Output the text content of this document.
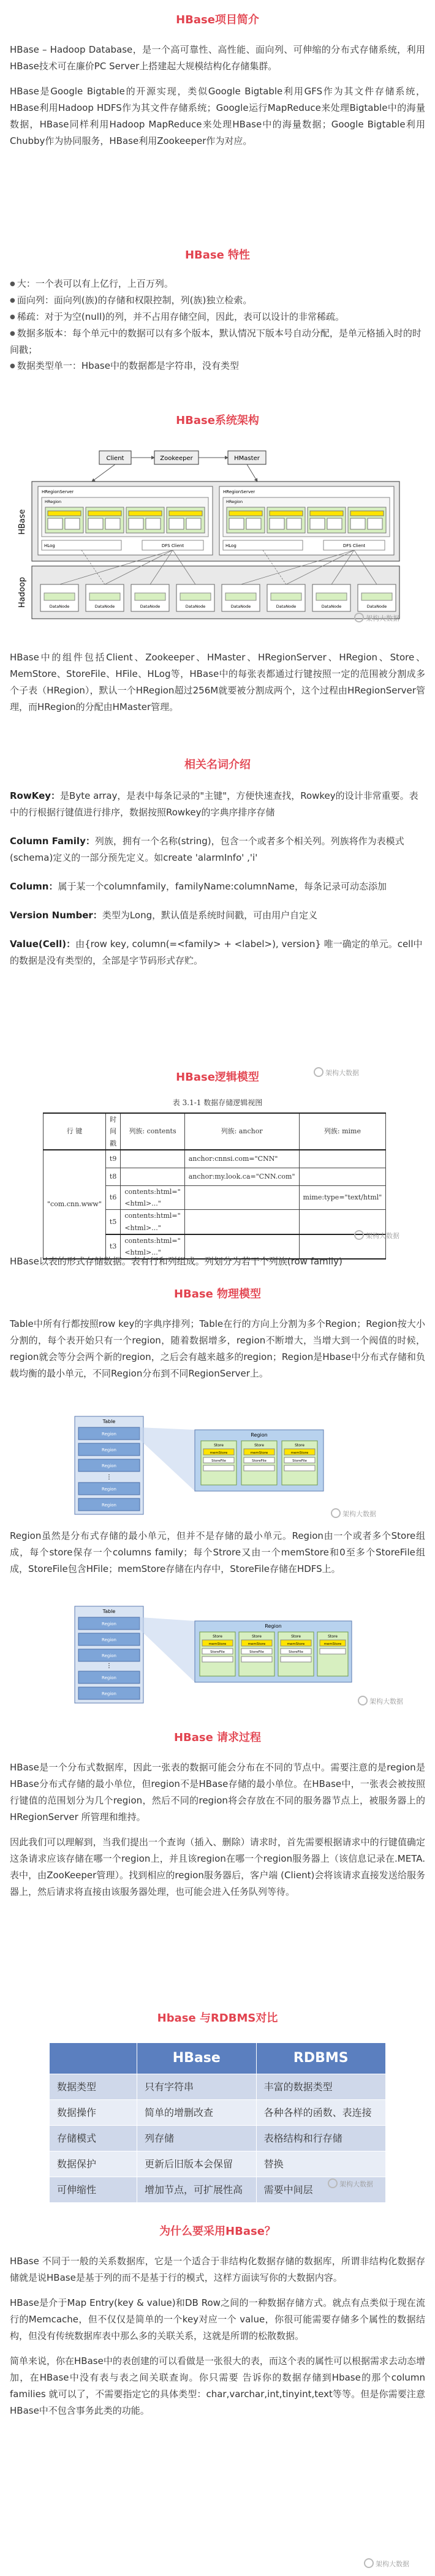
HBase项目简介

HBase – Hadoop Database，是一个高可靠性、高性能、面向列、可伸缩的分布式存储系统，利用HBase技术可在廉价PC Server上搭建起大规模结构化存储集群。

HBase是Google Bigtable的开源实现，类似Google Bigtable利用GFS作为其文件存储系统，HBase利用Hadoop HDFS作为其文件存储系统；Google运行MapReduce来处理Bigtable中的海量数据，HBase同样利用Hadoop MapReduce来处理HBase中的海量数据；Google Bigtable利用 Chubby作为协同服务，HBase利用Zookeeper作为对应。

HBase 特性
● 大：一个表可以有上亿行，上百万列。
● 面向列：面向列(族)的存储和权限控制，列(族)独立检索。
● 稀疏：对于为空(null)的列，并不占用存储空间，因此，表可以设计的非常稀疏。
● 数据多版本：每个单元中的数据可以有多个版本，默认情况下版本号自动分配，是单元格插入时的时间戳；
● 数据类型单一：Hbase中的数据都是字符串，没有类型
HBase系统架构
Client	Zookeeper	HMaster
HBase
HRegionServer
HRegion
HLog	DFS Client
HRegionServer
HRegion
HLog	DFS Client
Hadoop	DataNode	DataNode	DataNode	DataNode	DataNode	DataNode	DataNode	DataNode
架构大数据

HBase中的组件包括Client、Zookeeper、HMaster、HRegionServer、HRegion、Store、MemStore、StoreFile、HFile、HLog等，HBase中的每张表都通过行键按照一定的范围被分割成多个子表（HRegion），默认一个HRegion超过256M就要被分割成两个，这个过程由HRegionServer管理，而HRegion的分配由HMaster管理。

相关名词介绍

RowKey：是Byte array，是表中每条记录的"主键"，方便快速查找，Rowkey的设计非常重要。表中的行根据行键值进行排序，数据按照Rowkey的字典序排序存储

Column Family：列族，拥有一个名称(string)，包含一个或者多个相关列。列族将作为表模式(schema)定义的一部分预先定义。如create 'alarmInfo' ,'i'

Column：属于某一个columnfamily，familyName:columnName，每条记录可动态添加

Version Number：类型为Long，默认值是系统时间戳，可由用户自定义

Value(Cell)：由{row key, column(=<family> + <label>), version} 唯一确定的单元。cell中的数据是没有类型的，全部是字节码形式存贮。

HBase逻辑模型
表 3.1-1 数据存储逻辑视图
行 键	时间戳	列族: contents	列族: anchor	列族: mime
"com.cnn.www"	t9		anchor:cnnsi.com="CNN"	
	t8		anchor:my.look.ca="CNN.com"	
	t6	contents:html="<html>..."		mime:type="text/html"
	t5	contents:html="<html>..."		
	t3	contents:html="<html>..."		
架构大数据
架构大数据

HBase以表的形式存储数据。表有行和列组成。列划分为若干个列族(row family)

HBase 物理模型

Table中所有行都按照row key的字典序排列；Table在行的方向上分割为多个Region；Region按大小分割的，每个表开始只有一个region，随着数据增多，region不断增大，当增大到一个阀值的时候，region就会等分会两个新的region，之后会有越来越多的region；Region是Hbase中分布式存储和负载均衡的最小单元，不同Region分布到不同RegionServer上。

Table
Region
Region
Region
Region
Region
⋮
Region
Store	Store	Store
memStore	memStore	memStore
StoreFile	StoreFile	StoreFile
架构大数据

Region虽然是分布式存储的最小单元，但并不是存储的最小单元。Region由一个或者多个Store组成，每个store保存一个columns family；每个Strore又由一个memStore和0至多个StoreFile组成，StoreFile包含HFile；memStore存储在内存中，StoreFile存储在HDFS上。

Table
Region
Region
Region
Region
Region
⋮
Region
Store	Store	Store	Store
memStore	memStore	memStore	memStore
StoreFile	StoreFile	StoreFile
架构大数据
HBase 请求过程

HBase是一个分布式数据库，因此一张表的数据可能会分布在不同的节点中。需要注意的是region是HBase分布式存储的最小单位，但region不是HBase存储的最小单位。在HBase中，一张表会被按照行键值的范围划分为几个region，然后不同的region将会存放在不同的服务器节点上，被服务器上的HRegionServer 所管理和维持。

因此我们可以理解到，当我们提出一个查询（插入、删除）请求时，首先需要根据请求中的行键值确定这条请求应该存储在哪一个region上，并且该region在哪一个region服务器上（该信息记录在.META.表中，由ZooKeeper管理）。找到相应的region服务器后，客户端 (Client)会将该请求直接发送给服务器上，然后请求将直接由该服务器处理，也可能会进入任务队列等待。

Hbase 与RDBMS对比
	HBase	RDBMS
数据类型	只有字符串	丰富的数据类型
数据操作	简单的增删改查	各种各样的函数、表连接
存储模式	列存储	表格结构和行存储
数据保护	更新后旧版本会保留	替换
可伸缩性	增加节点，可扩展性高	需要中间层	架构大数据
为什么要采用HBase？

HBase 不同于一般的关系数据库，它是一个适合于非结构化数据存储的数据库，所谓非结构化数据存储就是说HBase是基于列的而不是基于行的模式，这样方面读写你的大数据内容。

HBase是介于Map Entry(key & value)和DB Row之间的一种数据存储方式。就点有点类似于现在流行的Memcache，但不仅仅是简单的一个key对应一个 value，你很可能需要存储多个属性的数据结构，但没有传统数据库表中那么多的关联关系，这就是所谓的松散数据。

简单来说，你在HBase中的表创建的可以看做是一张很大的表，而这个表的属性可以根据需求去动态增加，在HBase中没有表与表之间关联查询。你只需要 告诉你的数据存储到Hbase的那个column families 就可以了，不需要指定它的具体类型：char,varchar,int,tinyint,text等等。但是你需要注意HBase中不包含事务此类的功能。

架构大数据
